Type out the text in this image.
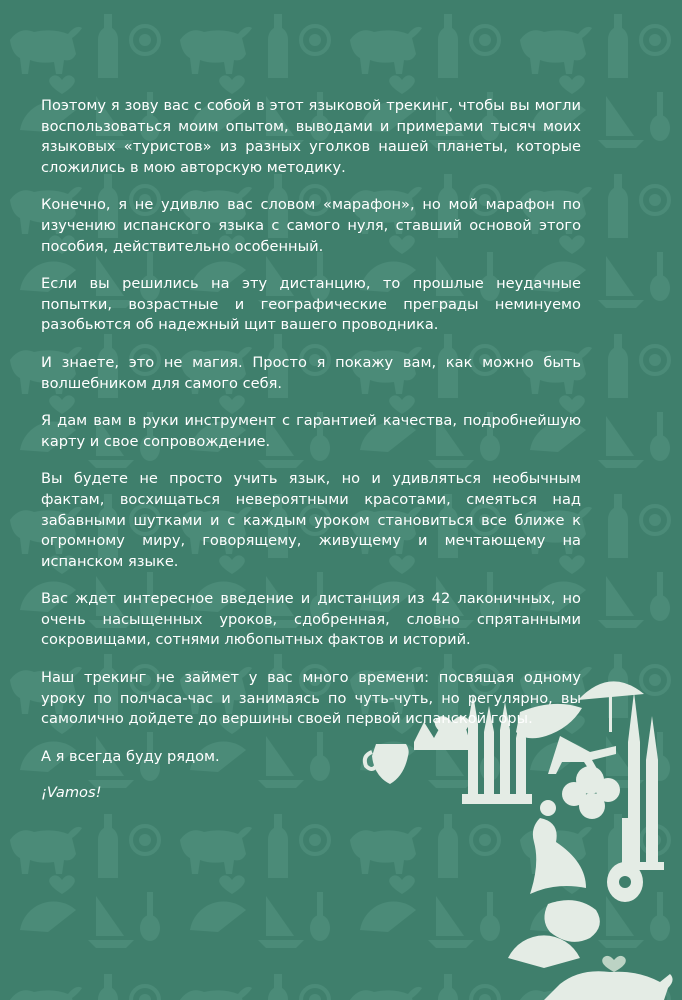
Поэтому я зову вас с собой в этот языковой трекинг, чтобы вы могли воспользоваться моим опытом, выводами и примерами тысяч моих языковых «туристов» из разных уголков нашей планеты, которые сложились в мою авторскую методику.

Конечно, я не удивлю вас словом «марафон», но мой марафон по изучению испанского языка с самого нуля, ставший основой этого пособия, действительно особенный.

Если вы решились на эту дистанцию, то прошлые неудачные попытки, возрастные и географические преграды неминуемо разобьются об надежный щит вашего проводника.

И знаете, это не магия. Просто я покажу вам, как можно быть волшебником для самого себя.

Я дам вам в руки инструмент с гарантией качества, подробнейшую карту и свое сопровождение.

Вы будете не просто учить язык, но и удивляться необычным фактам, восхищаться невероятными красотами, смеяться над забавными шутками и с каждым уроком становиться все ближе к огромному миру, говорящему, живущему и мечтающему на испанском языке.

Вас ждет интересное введение и дистанция из 42 лаконичных, но очень насыщенных уроков, сдобренная, словно спрятанными сокровищами, сотнями любопытных фактов и историй.

Наш трекинг не займет у вас много времени: посвящая одному уроку по полчаса-час и занимаясь по чуть-чуть, но регулярно, вы самолично дойдете до вершины своей первой испанской горы.

А я всегда буду рядом.

¡Vamos!
